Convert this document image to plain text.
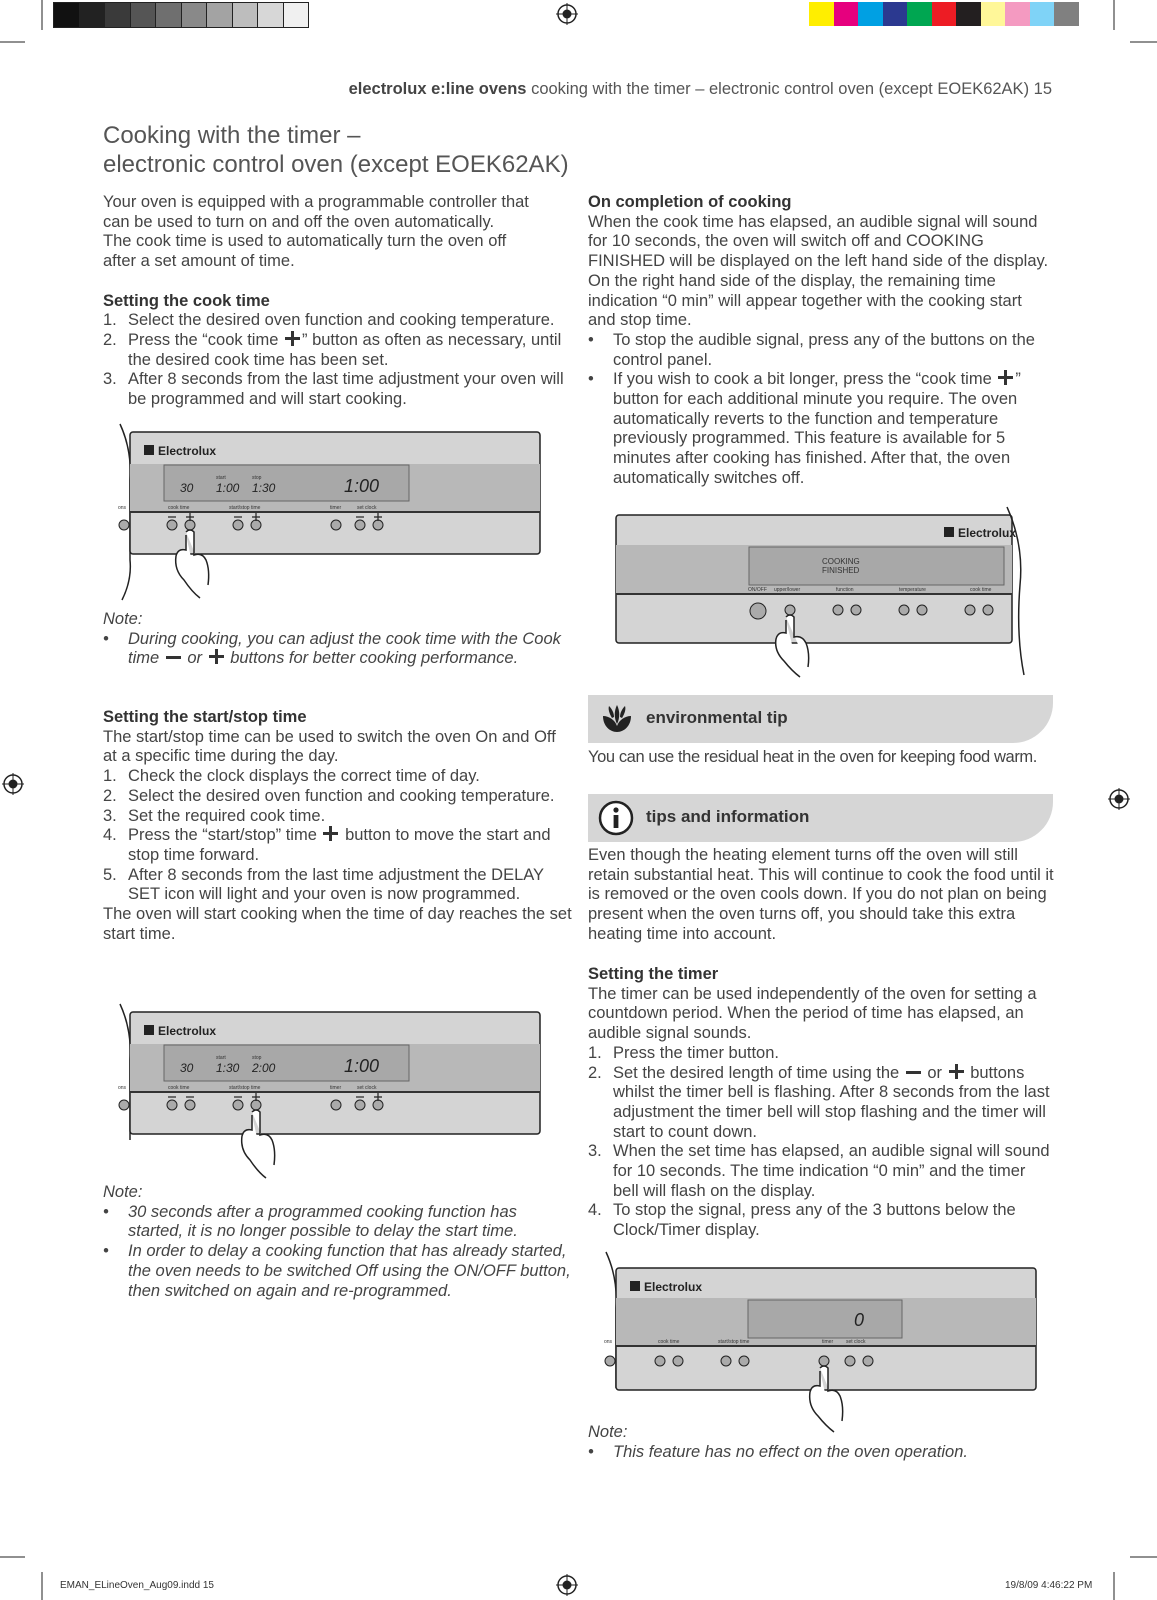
electrolux e:line ovens cooking with the timer – electronic control oven (except EOEK62AK) 15
Cooking with the timer –
electronic control oven (except EOEK62AK)
Your oven is equipped with a programmable controller that
can be used to turn on and off the oven automatically.
The cook time is used to automatically turn the oven off
after a set amount of time.
Setting the cook time
1. Select the desired oven function and cooking temperature.
2. Press the “cook time ” button as often as necessary, until the desired cook time has been set.
3. After 8 seconds from the last time adjustment your oven will be programmed and will start cooking.
Electrolux
30
start
1:00
stop
1:30	1:00
ons	cook time	start/stop time	timer	set clock
Note:
• During cooking, you can adjust the cook time with the Cook time  or  buttons for better cooking performance.
Setting the start/stop time
The start/stop time can be used to switch the oven On and Off at a specific time during the day.
1. Check the clock displays the correct time of day.
2. Select the desired oven function and cooking temperature.
3. Set the required cook time.
4. Press the “start/stop” time  button to move the start and stop time forward.
5. After 8 seconds from the last time adjustment the DELAY SET icon will light and your oven is now programmed.
The oven will start cooking when the time of day reaches the set start time.
Electrolux
30
start
1:30
stop
2:00	1:00
ons	cook time	start/stop time	timer	set clock
Note:
• 30 seconds after a programmed cooking function has started, it is no longer possible to delay the start time.
• In order to delay a cooking function that has already started, the oven needs to be switched Off using the ON/OFF button, then switched on again and re-programmed.
On completion of cooking
When the cook time has elapsed, an audible signal will sound for 10 seconds, the oven will switch off and COOKING FINISHED will be displayed on the left hand side of the display. On the right hand side of the display, the remaining time indication “0 min” will appear together with the cooking start and stop time.
• To stop the audible signal, press any of the buttons on the control panel.
• If you wish to cook a bit longer, press the “cook time ” button for each additional minute you require. The oven automatically reverts to the function and temperature previously programmed. This feature is available for 5 minutes after cooking has finished. After that, the oven automatically switches off.
Electrolux
COOKING
FINISHED
ON/OFF upper/lower	function	temperature	cook time
environmental tip
You can use the residual heat in the oven for keeping food warm.
tips and information
Even though the heating element turns off the oven will still retain substantial heat. This will continue to cook the food until it is removed or the oven cools down. If you do not plan on being present when the oven turns off, you should take this extra heating time into account.
Setting the timer
The timer can be used independently of the oven for setting a countdown period. When the period of time has elapsed, an audible signal sounds.
1. Press the timer button.
2. Set the desired length of time using the  or  buttons whilst the timer bell is flashing. After 8 seconds from the last adjustment the timer bell will stop flashing and the timer will start to count down.
3. When the set time has elapsed, an audible signal will sound for 10 seconds. The time indication “0 min” and the timer bell will flash on the display.
4. To stop the signal, press any of the 3 buttons below the Clock/Timer display.
Electrolux
0
ons	cook time	start/stop time	timer	set clock
Note:
• This feature has no effect on the oven operation.
EMAN_ELineOven_Aug09.indd 15	19/8/09 4:46:22 PM
